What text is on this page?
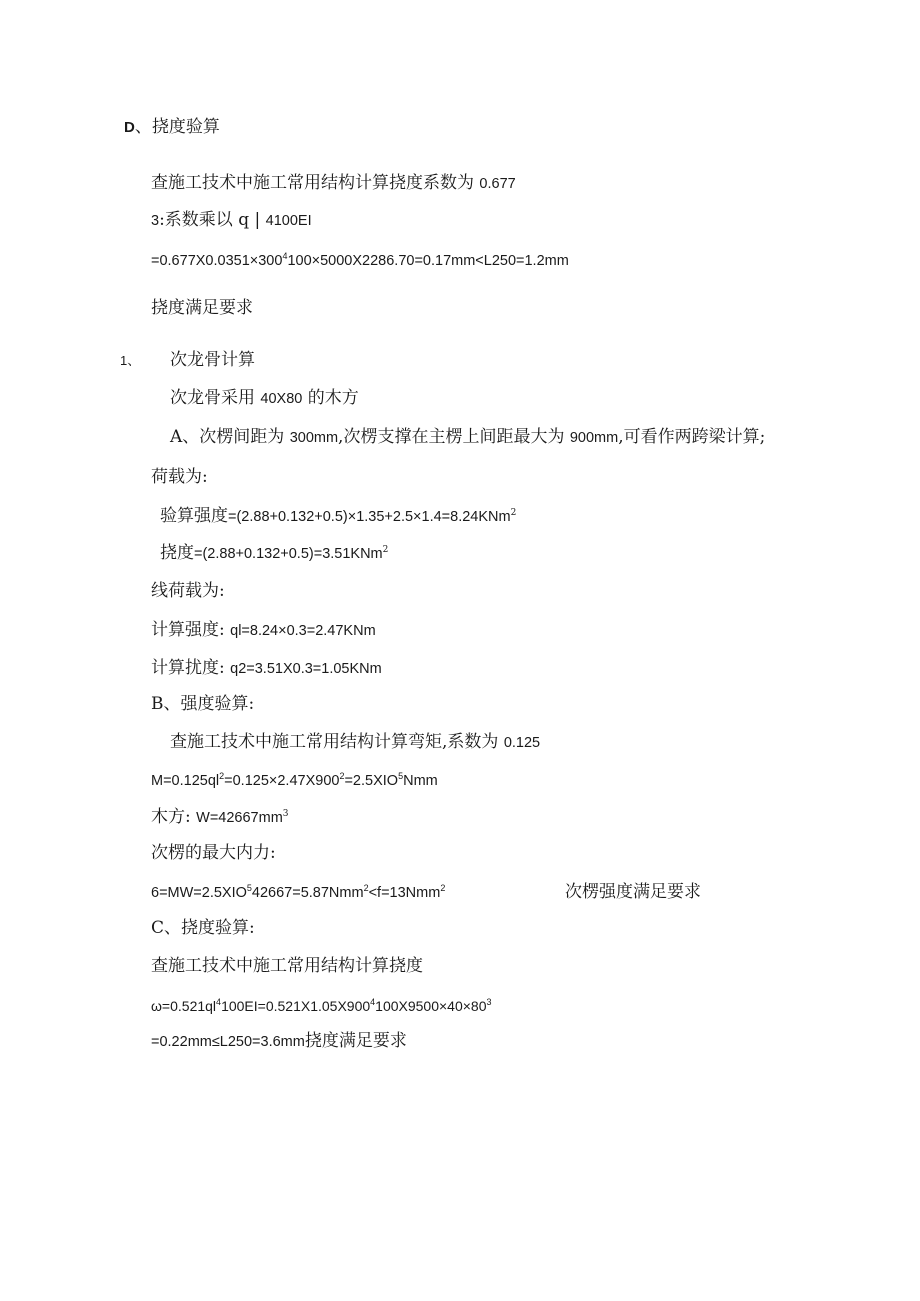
D、挠度验算
查施工技术中施工常用结构计算挠度系数为 0.677
3:系数乘以 q | 4100EI
$=0.677X0.0351\times 300^4100\times 5000X2286.70=0.17mm<L250=1.2mm$
挠度满足要求
1、 次龙骨计算
次龙骨采用 40X80 的木方
A、次楞间距为 300mm,次楞支撑在主楞上间距最大为 900mm,可看作两跨梁计算;
荷载为:
验算强度=(2.88+0.132+0.5)×1.35+2.5×1.4=8.24KNm$^2$
挠度=(2.88+0.132+0.5)=3.51KNm$^2$
线荷载为:
计算强度: ql=8.24×0.3=2.47KNm
计算扰度: q2=3.51X0.3=1.05KNm
B、强度验算:
查施工技术中施工常用结构计算弯矩,系数为 0.125
$M=0.125ql^2=0.125\times 2.47X900^2=2.5XIO^5Nmm$
木方: $W=42667mm^3$
次楞的最大内力:
$6=MW=2.5XIO^542667=5.87Nmm^2<f=13Nmm^2$	次楞强度满足要求
C、挠度验算:
查施工技术中施工常用结构计算挠度
$\omega=0.521ql^4100EI=0.521X1.05X900^4100X9500\times 40\times 80^3$
=0.22mm≤L250=3.6mm挠度满足要求
